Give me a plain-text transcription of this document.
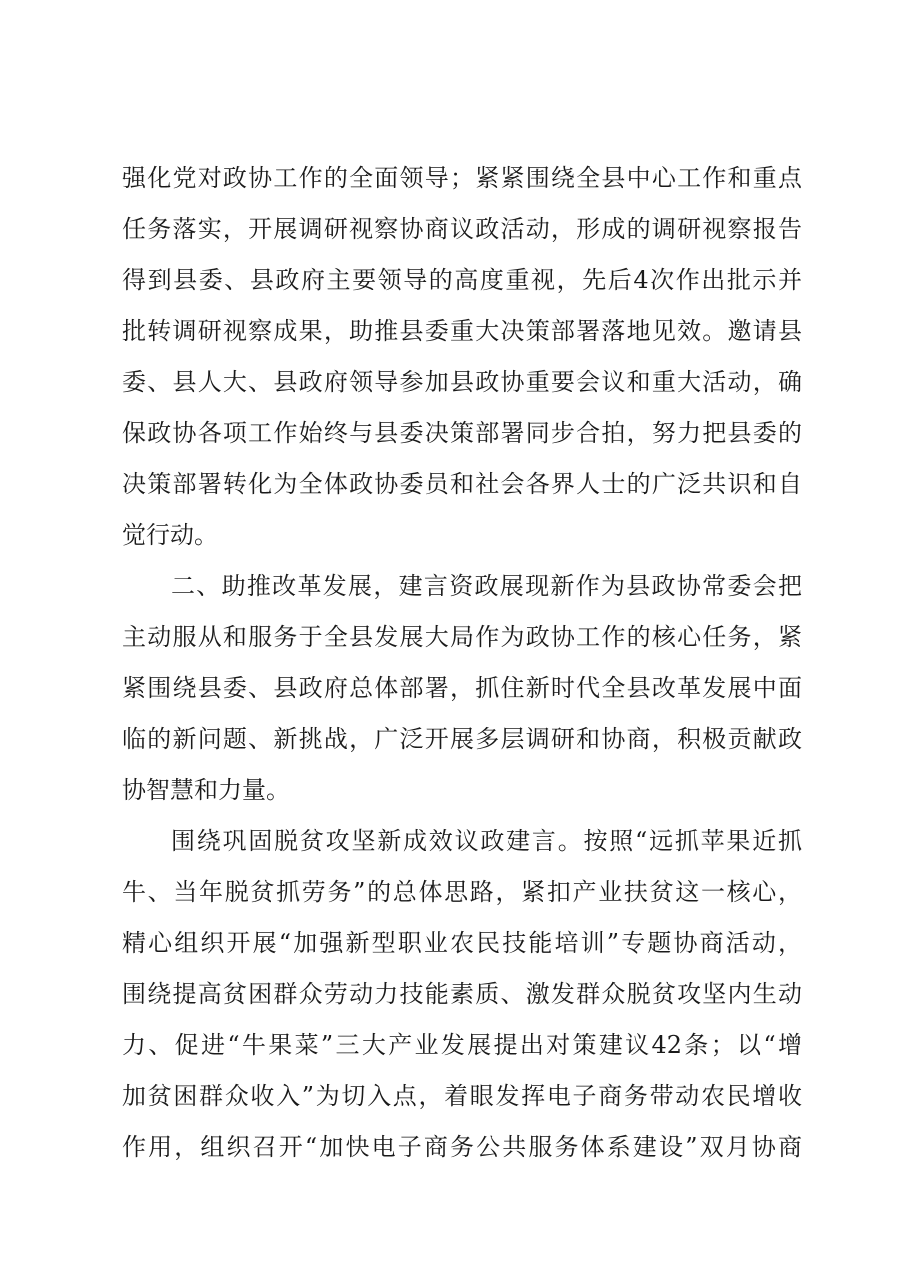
强化党对政协工作的全面领导；紧紧围绕全县中心工作和重点
任务落实，开展调研视察协商议政活动，形成的调研视察报告
得到县委、县政府主要领导的高度重视，先后4次作出批示并
批转调研视察成果，助推县委重大决策部署落地见效。邀请县
委、县人大、县政府领导参加县政协重要会议和重大活动，确
保政协各项工作始终与县委决策部署同步合拍，努力把县委的
决策部署转化为全体政协委员和社会各界人士的广泛共识和自
觉行动。
二、助推改革发展，建言资政展现新作为县政协常委会把
主动服从和服务于全县发展大局作为政协工作的核心任务，紧
紧围绕县委、县政府总体部署，抓住新时代全县改革发展中面
临的新问题、新挑战，广泛开展多层调研和协商，积极贡献政
协智慧和力量。
围绕巩固脱贫攻坚新成效议政建言。按照“远抓苹果近抓
牛、当年脱贫抓劳务”的总体思路，紧扣产业扶贫这一核心，
精心组织开展“加强新型职业农民技能培训”专题协商活动，
围绕提高贫困群众劳动力技能素质、激发群众脱贫攻坚内生动
力、促进“牛果菜”三大产业发展提出对策建议42条；以“增
加贫困群众收入”为切入点，着眼发挥电子商务带动农民增收
作用，组织召开“加快电子商务公共服务体系建设”双月协商
